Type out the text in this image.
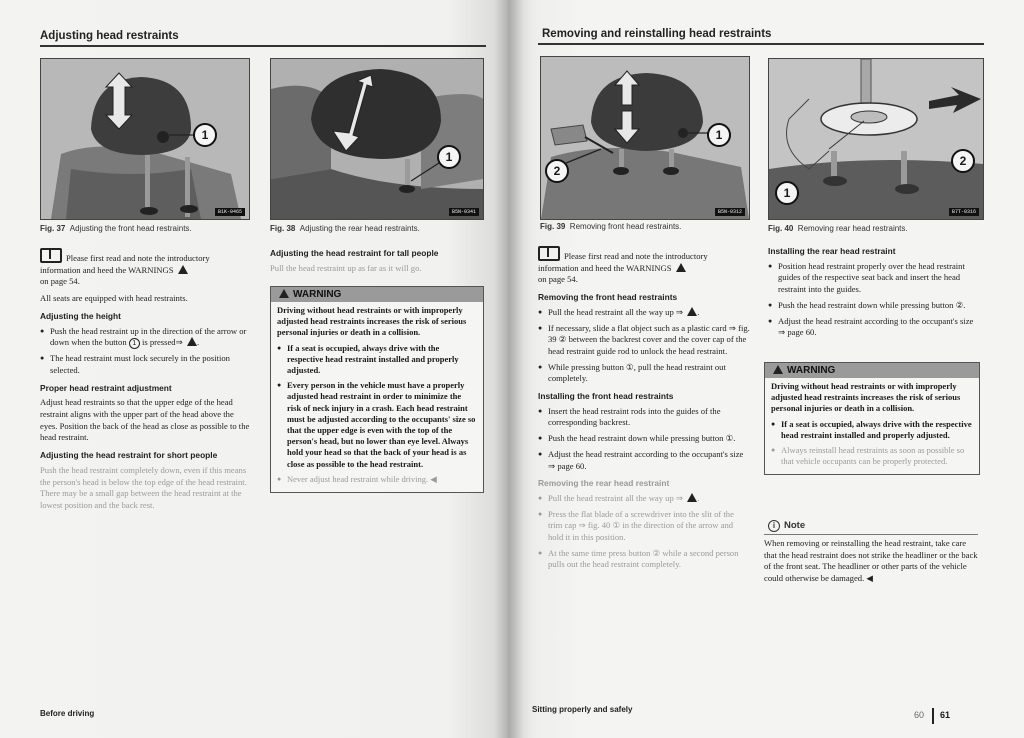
Adjusting head restraints
1
B1K-0465
Fig. 37 Adjusting the front head restraints.
1
B5N-0341
Fig. 38 Adjusting the rear head restraints.

Please first read and note the introductory information and heed the WARNINGS
on page 54.

All seats are equipped with head restraints.

Adjusting the height
● Push the head restraint up in the direction of the arrow or down when the button 1 is pressed⇒ .
● The head restraint must lock securely in the position selected.
Proper head restraint adjustment

Adjust head restraints so that the upper edge of the head restraint aligns with the upper part of the head above the eyes. Position the back of the head as close as possible to the head restraint.

Adjusting the head restraint for short people

Push the head restraint completely down, even if this means the person's head is below the top edge of the head restraint. There may be a small gap between the head restraint at the lowest position and the back rest.

Adjusting the head restraint for tall people

Pull the head restraint up as far as it will go.

WARNING

Driving without head restraints or with improperly adjusted head restraints increases the risk of serious personal injuries or death in a collision.

● If a seat is occupied, always drive with the respective head restraint installed and properly adjusted.
● Every person in the vehicle must have a properly adjusted head restraint in order to minimize the risk of neck injury in a crash. Each head restraint must be adjusted according to the occupants' size so that the upper edge is even with the top of the person's head, but no lower than eye level. Always hold your head so that the back of your head is as close as possible to the head restraint.
● Never adjust head restraint while driving. ◀
Before driving
Removing and reinstalling head restraints
1
2
B5N-0312
Fig. 39 Removing front head restraints.
1
2
B7T-0316
Fig. 40 Removing rear head restraints.

Please first read and note the introductory information and heed the WARNINGS
on page 54.

Removing the front head restraints
● Pull the head restraint all the way up ⇒ .
● If necessary, slide a flat object such as a plastic card ⇒ fig. 39 ② between the backrest cover and the cover cap of the head restraint guide rod to unlock the head restraint.
● While pressing button ①, pull the head restraint out completely.
Installing the front head restraints
● Insert the head restraint rods into the guides of the corresponding backrest.
● Push the head restraint down while pressing button ①.
● Adjust the head restraint according to the occupant's size ⇒ page 60.
Removing the rear head restraint
● Pull the head restraint all the way up ⇒ .
● Press the flat blade of a screwdriver into the slit of the trim cap ⇒ fig. 40 ① in the direction of the arrow and hold it in this position.
● At the same time press button ② while a second person pulls out the head restraint completely.
Installing the rear head restraint
● Position head restraint properly over the head restraint guides of the respective seat back and insert the head restraint into the guides.
● Push the head restraint down while pressing button ②.
● Adjust the head restraint according to the occupant's size ⇒ page 60.
WARNING

Driving without head restraints or with improperly adjusted head restraints increases the risk of serious personal injuries or death in a collision.

● If a seat is occupied, always drive with the respective head restraint installed and properly adjusted.
● Always reinstall head restraints as soon as possible so that vehicle occupants can be properly protected.
i Note
When removing or reinstalling the head restraint, take care that the head restraint does not strike the headliner or the back of the front seat. The headliner or other parts of the vehicle could otherwise be damaged. ◀
Sitting properly and safely
60 61
